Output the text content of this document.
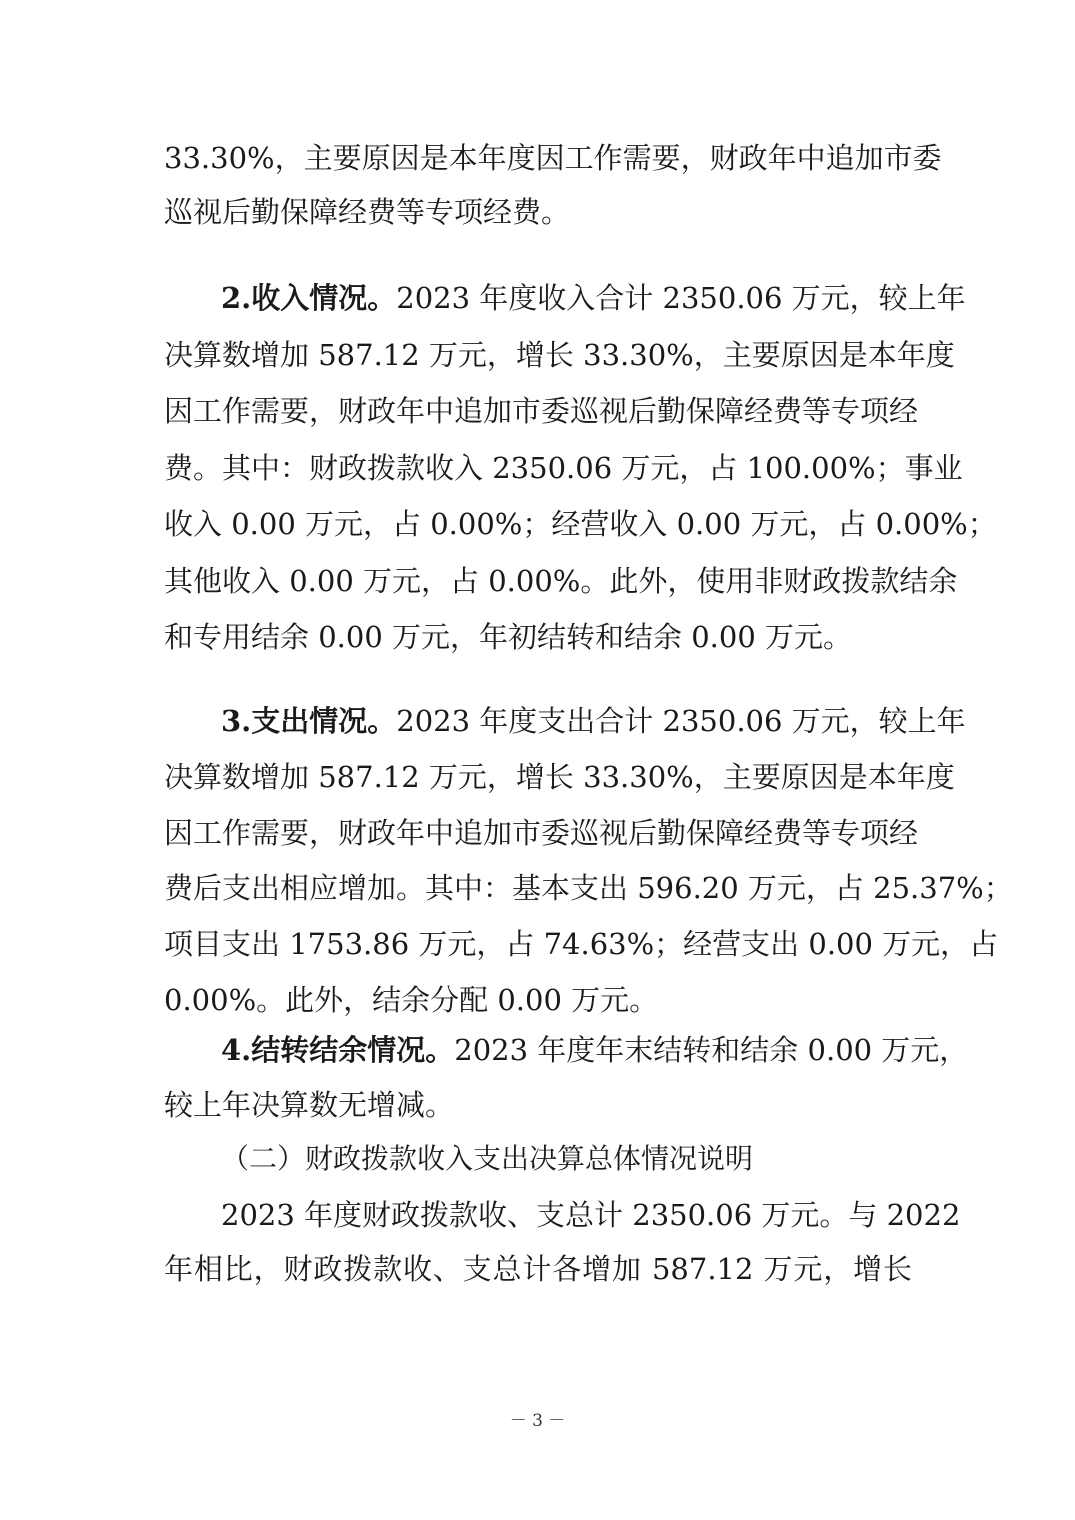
33.30%，主要原因是本年度因工作需要，财政年中追加市委
巡视后勤保障经费等专项经费。
2.收入情况。2023 年度收入合计 2350.06 万元，较上年
决算数增加 587.12 万元，增长 33.30%，主要原因是本年度
因工作需要，财政年中追加市委巡视后勤保障经费等专项经
费。其中：财政拨款收入 2350.06 万元，占 100.00%；事业
收入 0.00 万元，占 0.00%；经营收入 0.00 万元，占 0.00%；
其他收入 0.00 万元，占 0.00%。此外，使用非财政拨款结余
和专用结余 0.00 万元，年初结转和结余 0.00 万元。
3.支出情况。2023 年度支出合计 2350.06 万元，较上年
决算数增加 587.12 万元，增长 33.30%，主要原因是本年度
因工作需要，财政年中追加市委巡视后勤保障经费等专项经
费后支出相应增加。其中：基本支出 596.20 万元，占 25.37%；
项目支出 1753.86 万元，占 74.63%；经营支出 0.00 万元，占
0.00%。此外，结余分配 0.00 万元。
4.结转结余情况。2023 年度年末结转和结余 0.00 万元，
较上年决算数无增减。
（二）财政拨款收入支出决算总体情况说明
2023 年度财政拨款收、支总计 2350.06 万元。与 2022
年相比，财政拨款收、支总计各增加 587.12 万元，增长
－ 3 －
